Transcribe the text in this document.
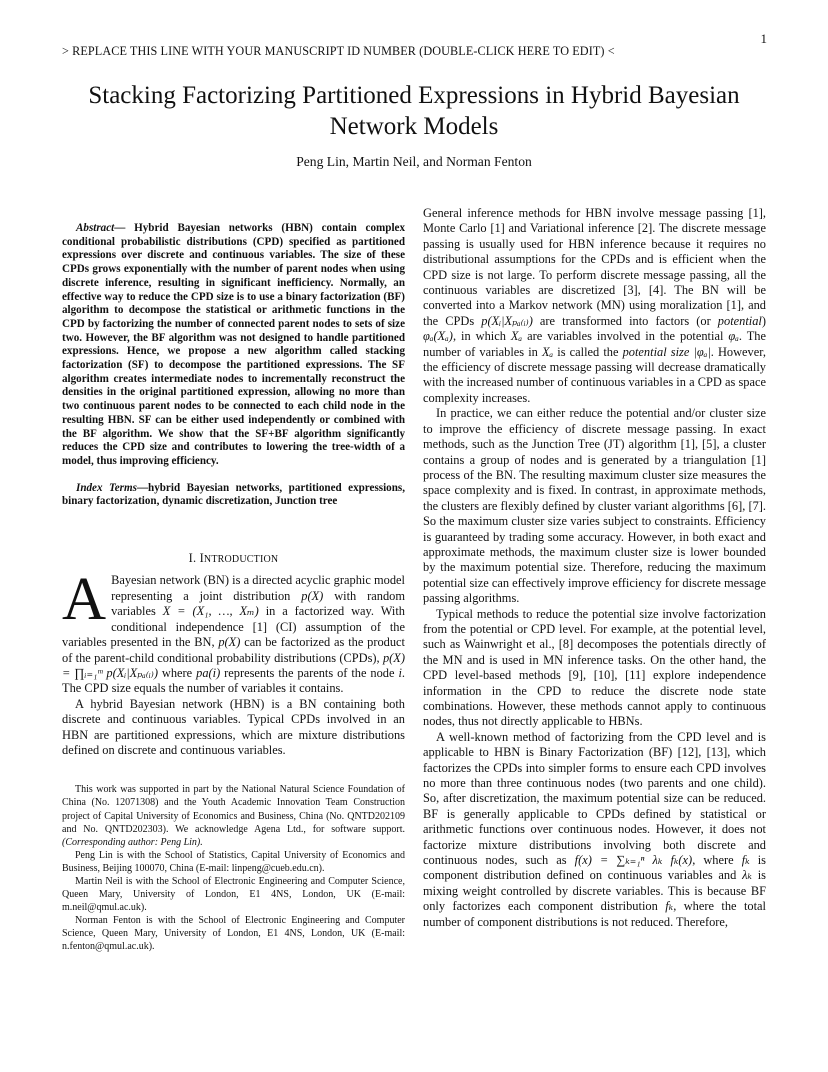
1
> REPLACE THIS LINE WITH YOUR MANUSCRIPT ID NUMBER (DOUBLE-CLICK HERE TO EDIT) <
Stacking Factorizing Partitioned Expressions in Hybrid Bayesian Network Models
Peng Lin, Martin Neil, and Norman Fenton

Abstract— Hybrid Bayesian networks (HBN) contain complex conditional probabilistic distributions (CPD) specified as partitioned expressions over discrete and continuous variables. The size of these CPDs grows exponentially with the number of parent nodes when using discrete inference, resulting in significant inefficiency. Normally, an effective way to reduce the CPD size is to use a binary factorization (BF) algorithm to decompose the statistical or arithmetic functions in the CPD by factorizing the number of connected parent nodes to sets of size two. However, the BF algorithm was not designed to handle partitioned expressions. Hence, we propose a new algorithm called stacking factorization (SF) to decompose the partitioned expressions. The SF algorithm creates intermediate nodes to incrementally reconstruct the densities in the original partitioned expression, allowing no more than two continuous parent nodes to be connected to each child node in the resulting HBN. SF can be either used independently or combined with the BF algorithm. We show that the SF+BF algorithm significantly reduces the CPD size and contributes to lowering the tree-width of a model, thus improving efficiency.

Index Terms—hybrid Bayesian networks, partitioned expressions, binary factorization, dynamic discretization, Junction tree

I. INTRODUCTION

A Bayesian network (BN) is a directed acyclic graphic model representing a joint distribution p(X) with random variables X = (X₁, …, Xₘ) in a factorized way. With conditional independence [1] (CI) assumption of the variables presented in the BN, p(X) can be factorized as the product of the parent-child conditional probability distributions (CPDs), p(X) = ∏ᵢ₌₁ᵐ p(Xᵢ|Xₚₐ₍ᵢ₎) where pa(i) represents the parents of the node i. The CPD size equals the number of variables it contains.

A hybrid Bayesian network (HBN) is a BN containing both discrete and continuous variables. Typical CPDs involved in an HBN are partitioned expressions, which are mixture distributions defined on discrete and continuous variables.

This work was supported in part by the National Natural Science Foundation of China (No. 12071308) and the Youth Academic Innovation Team Construction project of Capital University of Economics and Business, China (No. QNTD202109 and No. QNTD202303). We acknowledge Agena Ltd., for software support. (Corresponding author: Peng Lin).

Peng Lin is with the School of Statistics, Capital University of Economics and Business, Beijing 100070, China (E-mail: linpeng@cueb.edu.cn).

Martin Neil is with the School of Electronic Engineering and Computer Science, Queen Mary, University of London, E1 4NS, London, UK (E-mail: m.neil@qmul.ac.uk).

Norman Fenton is with the School of Electronic Engineering and Computer Science, Queen Mary, University of London, E1 4NS, London, UK (E-mail: n.fenton@qmul.ac.uk).

General inference methods for HBN involve message passing [1], Monte Carlo [1] and Variational inference [2]. The discrete message passing is usually used for HBN inference because it requires no distributional assumptions for the CPDs and is efficient when the CPD size is not large. To perform discrete message passing, all the continuous variables are discretized [3], [4]. The BN will be converted into a Markov network (MN) using moralization [1], and the CPDs p(Xᵢ|Xₚₐ₍ᵢ₎) are transformed into factors (or potential) φₐ(Xₐ), in which Xₐ are variables involved in the potential φₐ. The number of variables in Xₐ is called the potential size |φₐ|. However, the efficiency of discrete message passing will decrease dramatically with the increased number of continuous variables in a CPD as space complexity increases.

In practice, we can either reduce the potential and/or cluster size to improve the efficiency of discrete message passing. In exact methods, such as the Junction Tree (JT) algorithm [1], [5], a cluster contains a group of nodes and is generated by a triangulation [1] process of the BN. The resulting maximum cluster size measures the space complexity and is fixed. In contrast, in approximate methods, the clusters are flexibly defined by cluster variant algorithms [6], [7]. So the maximum cluster size varies subject to constraints. Efficiency is guaranteed by trading some accuracy. However, in both exact and approximate methods, the maximum cluster size is lower bounded by the maximum potential size. Therefore, reducing the maximum potential size can effectively improve efficiency for discrete message passing algorithms.

Typical methods to reduce the potential size involve factorization from the potential or CPD level. For example, at the potential level, such as Wainwright et al., [8] decomposes the potentials directly of the MN and is used in MN inference tasks. On the other hand, the CPD level-based methods [9], [10], [11] explore independence information in the CPD to reduce the discrete node state combinations. However, these methods cannot apply to continuous nodes, thus not directly applicable to HBNs.

A well-known method of factorizing from the CPD level and is applicable to HBN is Binary Factorization (BF) [12], [13], which factorizes the CPDs into simpler forms to ensure each CPD involves no more than three continuous nodes (two parents and one child). So, after discretization, the maximum potential size can be reduced. BF is generally applicable to CPDs defined by statistical or arithmetic functions over continuous nodes. However, it does not factorize mixture distributions involving both discrete and continuous nodes, such as f(x) = ∑ₖ₌₁ⁿ λₖ fₖ(x), where fₖ is component distribution defined on continuous variables and λₖ is mixing weight controlled by discrete variables. This is because BF only factorizes each component distribution fₖ, where the total number of component distributions is not reduced. Therefore,
